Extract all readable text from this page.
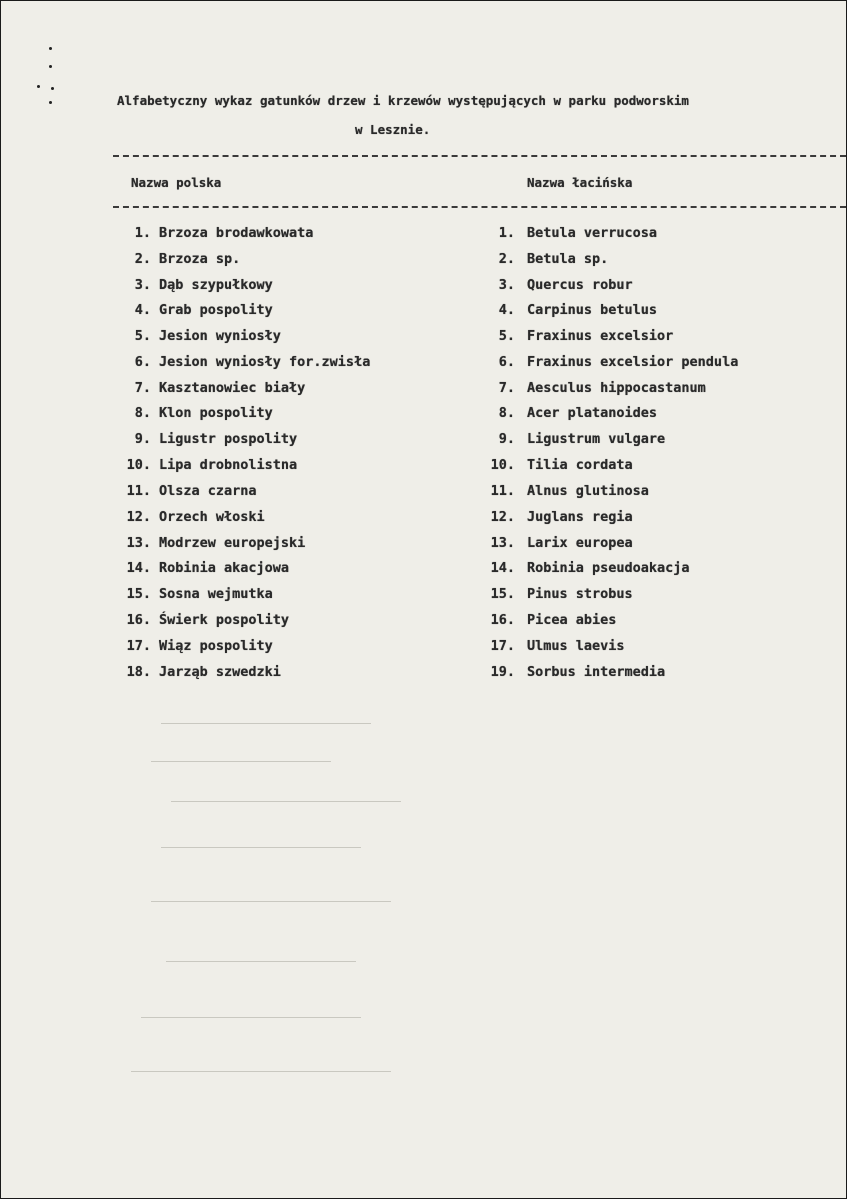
Alfabetyczny wykaz gatunków drzew i krzewów występujących w parku podworskim
w Lesznie.
Nazwa polska	Nazwa łacińska
1. Brzoza brodawkowata	1. Betula verrucosa
2. Brzoza sp.	2. Betula sp.
3. Dąb szypułkowy	3. Quercus robur
4. Grab pospolity	4. Carpinus betulus
5. Jesion wyniosły	5. Fraxinus excelsior
6. Jesion wyniosły for.zwisła	6. Fraxinus excelsior pendula
7. Kasztanowiec biały	7. Aesculus hippocastanum
8. Klon pospolity	8. Acer platanoides
9. Ligustr pospolity	9. Ligustrum vulgare
10. Lipa drobnolistna	10. Tilia cordata
11. Olsza czarna	11. Alnus glutinosa
12. Orzech włoski	12. Juglans regia
13. Modrzew europejski	13. Larix europea
14. Robinia akacjowa	14. Robinia pseudoakacja
15. Sosna wejmutka	15. Pinus strobus
16. Świerk pospolity	16. Picea abies
17. Wiąz pospolity	17. Ulmus laevis
18. Jarząb szwedzki	19. Sorbus intermedia
